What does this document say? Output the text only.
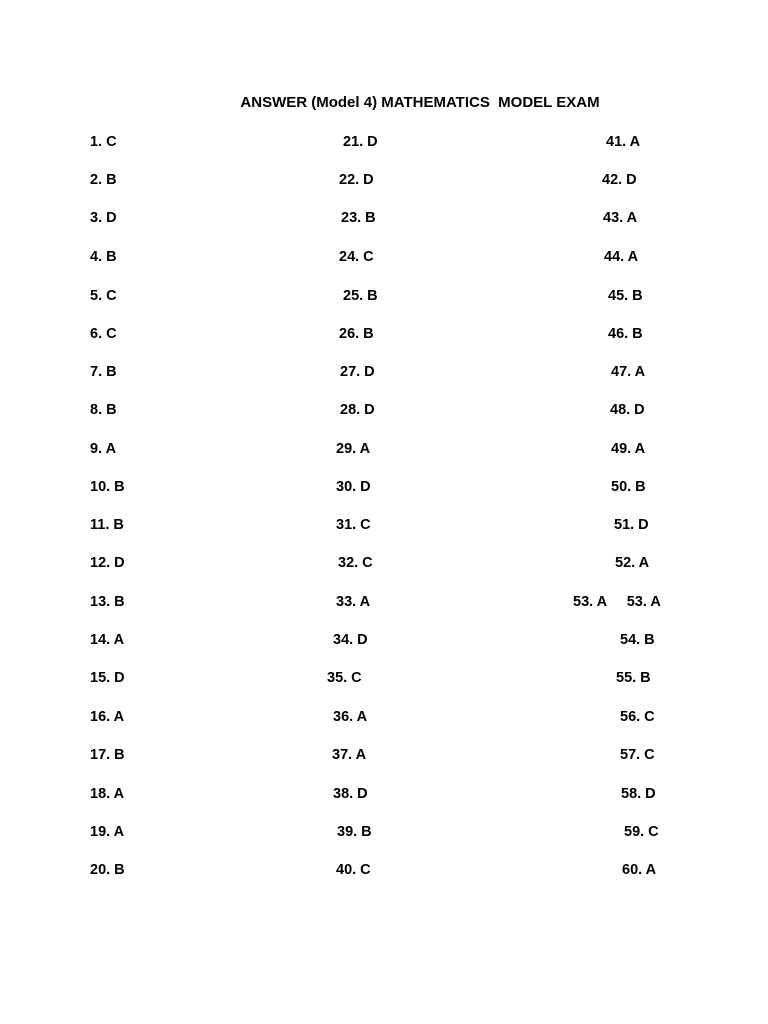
ANSWER (Model 4) MATHEMATICS  MODEL EXAM
1. C
2. B
3. D
4. B
5. C
6. C
7. B
8. B
9. A
10. B
11. B
12. D
13. B
14. A
15. D
16. A
17. B
18. A
19. A
20. B
21. D
22. D
23. B
24. C
25. B
26. B
27. D
28. D
29. A
30. D
31. C
32. C
33. A
34. D
35. C
36. A
37. A
38. D
39. B
40. C
41. A
42. D
43. A
44. A
45. B
46. B
47. A
48. D
49. A
50. B
51. D
52. A
53. A     53. A
54. B
55. B
56. C
57. C
58. D
59. C
60. A
